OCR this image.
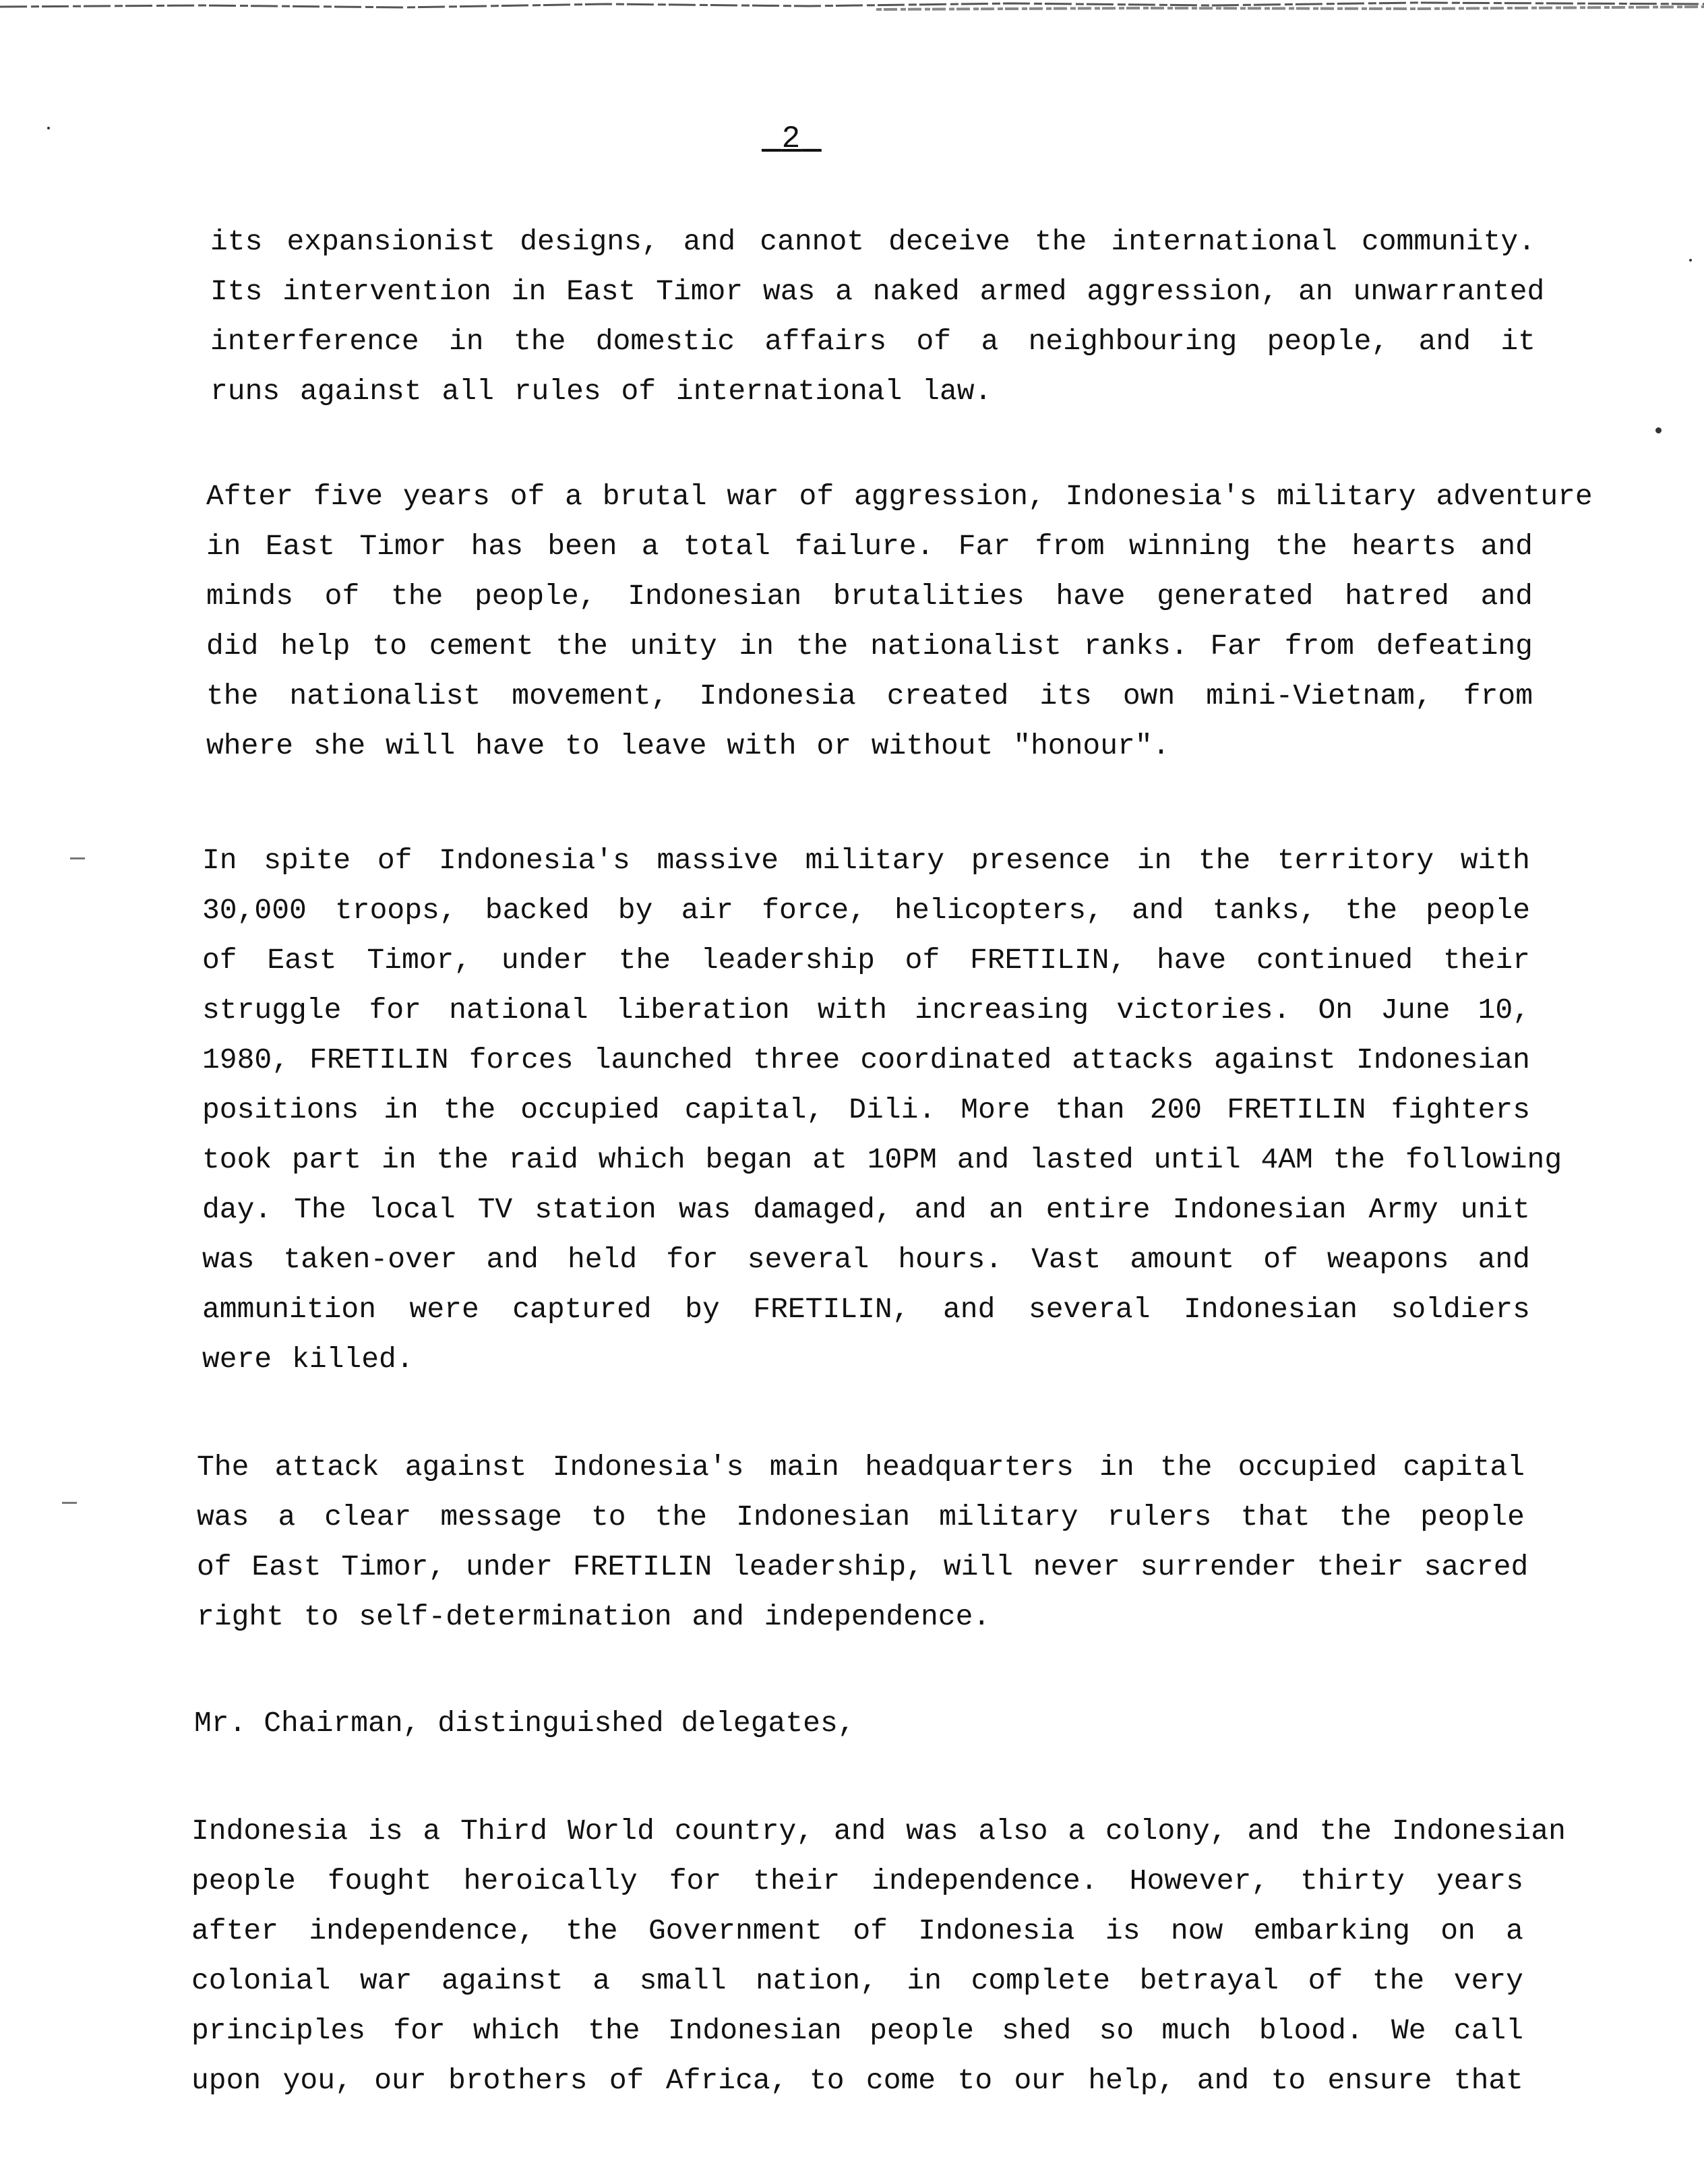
_2_
its expansionist designs, and cannot deceive the international community.
Its intervention in East Timor was a naked armed aggression, an unwarranted
interference in the domestic affairs of a neighbouring people, and it
runs against all rules of international law.
After five years of a brutal war of aggression, Indonesia's military adventure
in East Timor has been a total failure. Far from winning the hearts and
minds of the people, Indonesian brutalities have generated hatred and
did help to cement the unity in the nationalist ranks. Far from defeating
the nationalist movement, Indonesia created its own mini-Vietnam, from
where she will have to leave with or without "honour".
In spite of Indonesia's massive military presence in the territory with
30,000 troops, backed by air force, helicopters, and tanks, the people
of East Timor, under the leadership of FRETILIN, have continued their
struggle for national liberation with increasing victories. On June 10,
1980, FRETILIN forces launched three coordinated attacks against Indonesian
positions in the occupied capital, Dili. More than 200 FRETILIN fighters
took part in the raid which began at 10PM and lasted until 4AM the following
day. The local TV station was damaged, and an entire Indonesian Army unit
was taken-over and held for several hours. Vast amount of weapons and
ammunition were captured by FRETILIN, and several Indonesian soldiers
were killed.
The attack against Indonesia's main headquarters in the occupied capital
was a clear message to the Indonesian military rulers that the people
of East Timor, under FRETILIN leadership, will never surrender their sacred
right to self-determination and independence.
Mr. Chairman, distinguished delegates,
Indonesia is a Third World country, and was also a colony, and the Indonesian
people fought heroically for their independence. However, thirty years
after independence, the Government of Indonesia is now embarking on a
colonial war against a small nation, in complete betrayal of the very
principles for which the Indonesian people shed so much blood. We call
upon you, our brothers of Africa, to come to our help, and to ensure that
